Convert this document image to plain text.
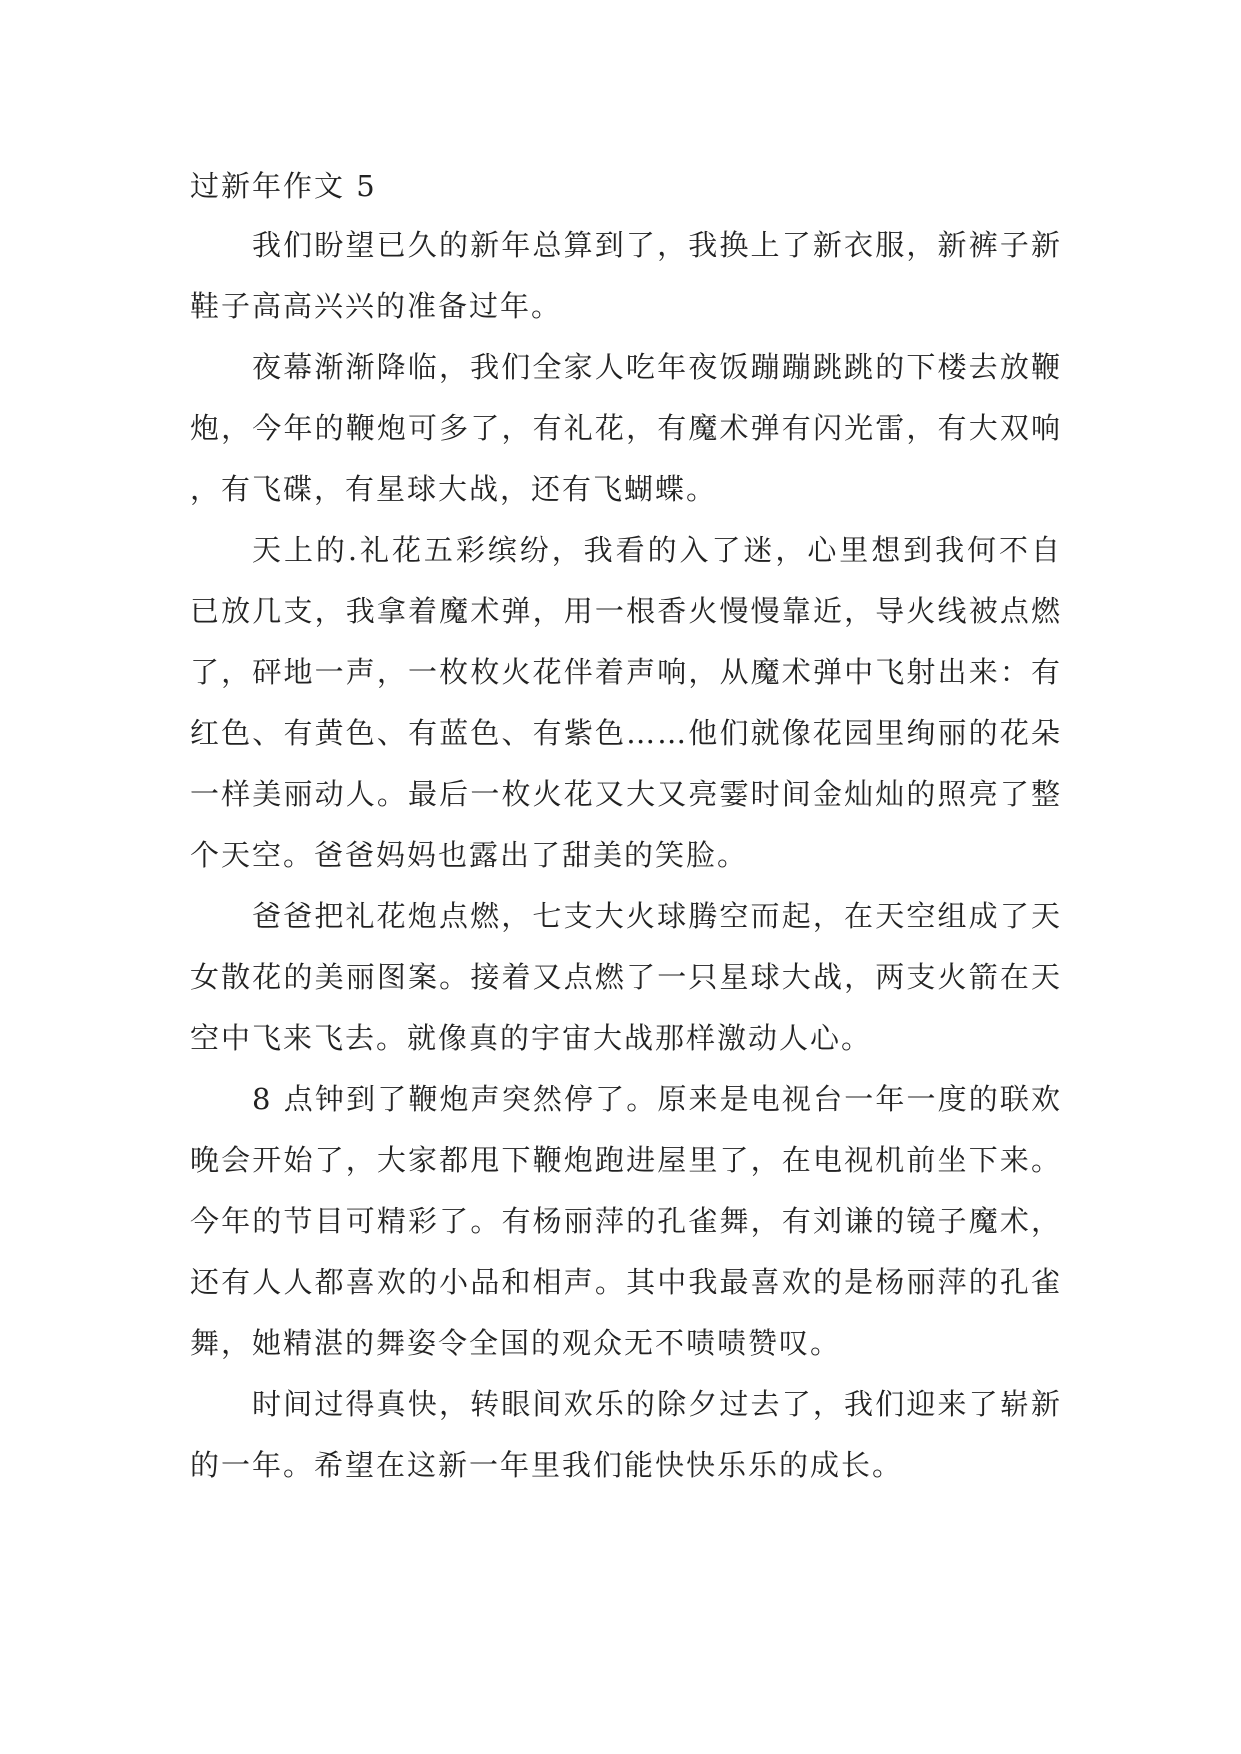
过新年作文 5

我们盼望已久的新年总算到了，我换上了新衣服，新裤子新鞋子高高兴兴的准备过年。

夜幕渐渐降临，我们全家人吃年夜饭蹦蹦跳跳的下楼去放鞭炮，今年的鞭炮可多了，有礼花，有魔术弹有闪光雷，有大双响，有飞碟，有星球大战，还有飞蝴蝶。

天上的.礼花五彩缤纷，我看的入了迷，心里想到我何不自已放几支，我拿着魔术弹，用一根香火慢慢靠近，导火线被点燃了，砰地一声，一枚枚火花伴着声响，从魔术弹中飞射出来：有红色、有黄色、有蓝色、有紫色……他们就像花园里绚丽的花朵一样美丽动人。最后一枚火花又大又亮霎时间金灿灿的照亮了整个天空。爸爸妈妈也露出了甜美的笑脸。

爸爸把礼花炮点燃，七支大火球腾空而起，在天空组成了天女散花的美丽图案。接着又点燃了一只星球大战，两支火箭在天空中飞来飞去。就像真的宇宙大战那样激动人心。

8 点钟到了鞭炮声突然停了。原来是电视台一年一度的联欢晚会开始了，大家都甩下鞭炮跑进屋里了，在电视机前坐下来。今年的节目可精彩了。有杨丽萍的孔雀舞，有刘谦的镜子魔术，还有人人都喜欢的小品和相声。其中我最喜欢的是杨丽萍的孔雀舞，她精湛的舞姿令全国的观众无不啧啧赞叹。

时间过得真快，转眼间欢乐的除夕过去了，我们迎来了崭新的一年。希望在这新一年里我们能快快乐乐的成长。
